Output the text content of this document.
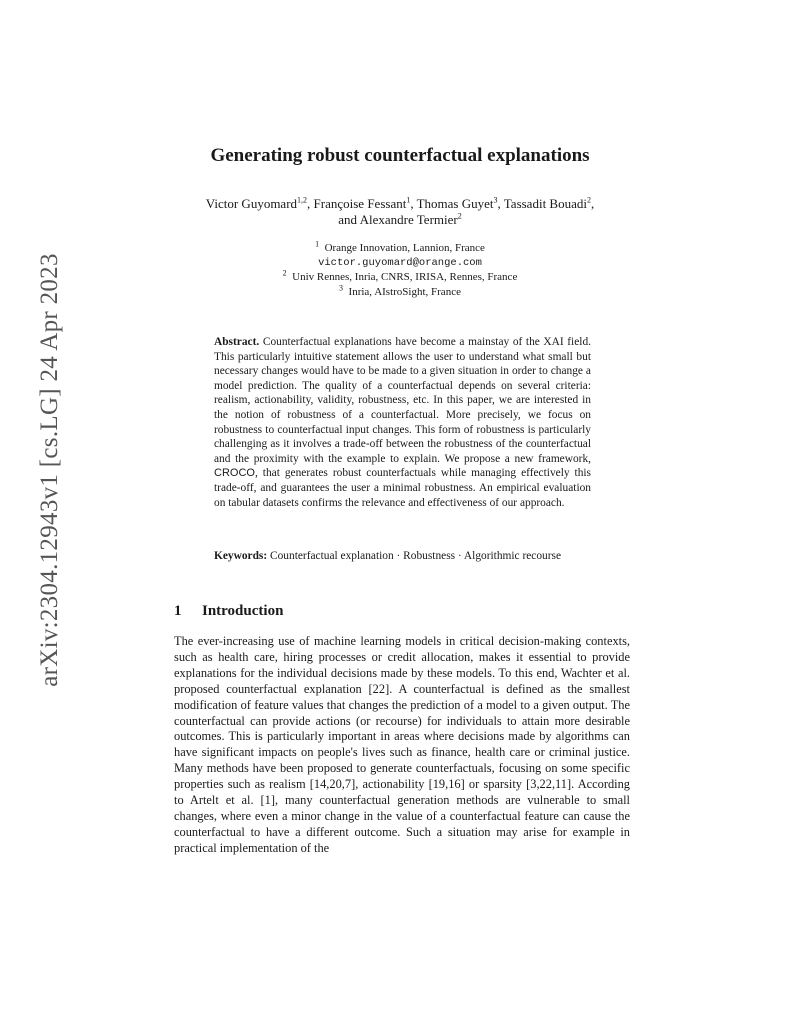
arXiv:2304.12943v1 [cs.LG] 24 Apr 2023
Generating robust counterfactual explanations
Victor Guyomard$^{1,2}$, Françoise Fessant$^1$, Thomas Guyet$^3$, Tassadit Bouadi$^2$,
and Alexandre Termier$^2$
$^1$ Orange Innovation, Lannion, France
victor.guyomard@orange.com
$^2$ Univ Rennes, Inria, CNRS, IRISA, Rennes, France
$^3$ Inria, AIstroSight, France
Abstract. Counterfactual explanations have become a mainstay of the XAI field. This particularly intuitive statement allows the user to understand what small but necessary changes would have to be made to a given situation in order to change a model prediction. The quality of a counterfactual depends on several criteria: realism, actionability, validity, robustness, etc. In this paper, we are interested in the notion of robustness of a counterfactual. More precisely, we focus on robustness to counterfactual input changes. This form of robustness is particularly challenging as it involves a trade-off between the robustness of the counterfactual and the proximity with the example to explain. We propose a new framework, CROCO, that generates robust counterfactuals while managing effectively this trade-off, and guarantees the user a minimal robustness. An empirical evaluation on tabular datasets confirms the relevance and effectiveness of our approach.
Keywords: Counterfactual explanation · Robustness · Algorithmic recourse
1 Introduction
The ever-increasing use of machine learning models in critical decision-making contexts, such as health care, hiring processes or credit allocation, makes it essential to provide explanations for the individual decisions made by these models. To this end, Wachter et al. proposed counterfactual explanation [22]. A counterfactual is defined as the smallest modification of feature values that changes the prediction of a model to a given output. The counterfactual can provide actions (or recourse) for individuals to attain more desirable outcomes. This is particularly important in areas where decisions made by algorithms can have significant impacts on people's lives such as finance, health care or criminal justice. Many methods have been proposed to generate counterfactuals, focusing on some specific properties such as realism [14,20,7], actionability [19,16] or sparsity [3,22,11]. According to Artelt et al. [1], many counterfactual generation methods are vulnerable to small changes, where even a minor change in the value of a counterfactual feature can cause the counterfactual to have a different outcome. Such a situation may arise for example in practical implementation of the
